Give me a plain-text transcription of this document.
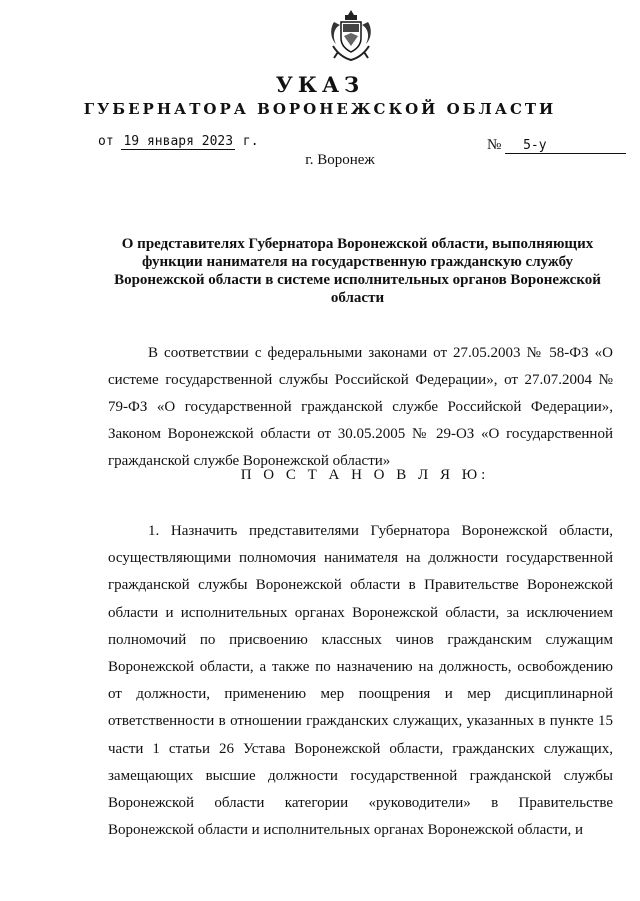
УКАЗ
ГУБЕРНАТОРА ВОРОНЕЖСКОЙ ОБЛАСТИ
от 19 января 2023 г.	№ 5-у
г. Воронеж
О представителях Губернатора Воронежской области, выполняющих функции нанимателя на государственную гражданскую службу Воронежской области в системе исполнительных органов Воронежской области
В соответствии с федеральными законами от 27.05.2003 № 58-ФЗ «О системе государственной службы Российской Федерации», от 27.07.2004 № 79-ФЗ «О государственной гражданской службе Российской Федерации», Законом Воронежской области от 30.05.2005 № 29-ОЗ «О государственной гражданской службе Воронежской области»
П О С Т А Н О В Л Я Ю:
1. Назначить представителями Губернатора Воронежской области, осуществляющими полномочия нанимателя на должности государственной гражданской службы Воронежской области в Правительстве Воронежской области и исполнительных органах Воронежской области, за исключением полномочий по присвоению классных чинов гражданским служащим Воронежской области, а также по назначению на должность, освобождению от должности, применению мер поощрения и мер дисциплинарной ответственности в отношении гражданских служащих, указанных в пункте 15 части 1 статьи 26 Устава Воронежской области, гражданских служащих, замещающих высшие должности государственной гражданской службы Воронежской области категории «руководители» в Правительстве Воронежской области и исполнительных органах Воронежской области, и
